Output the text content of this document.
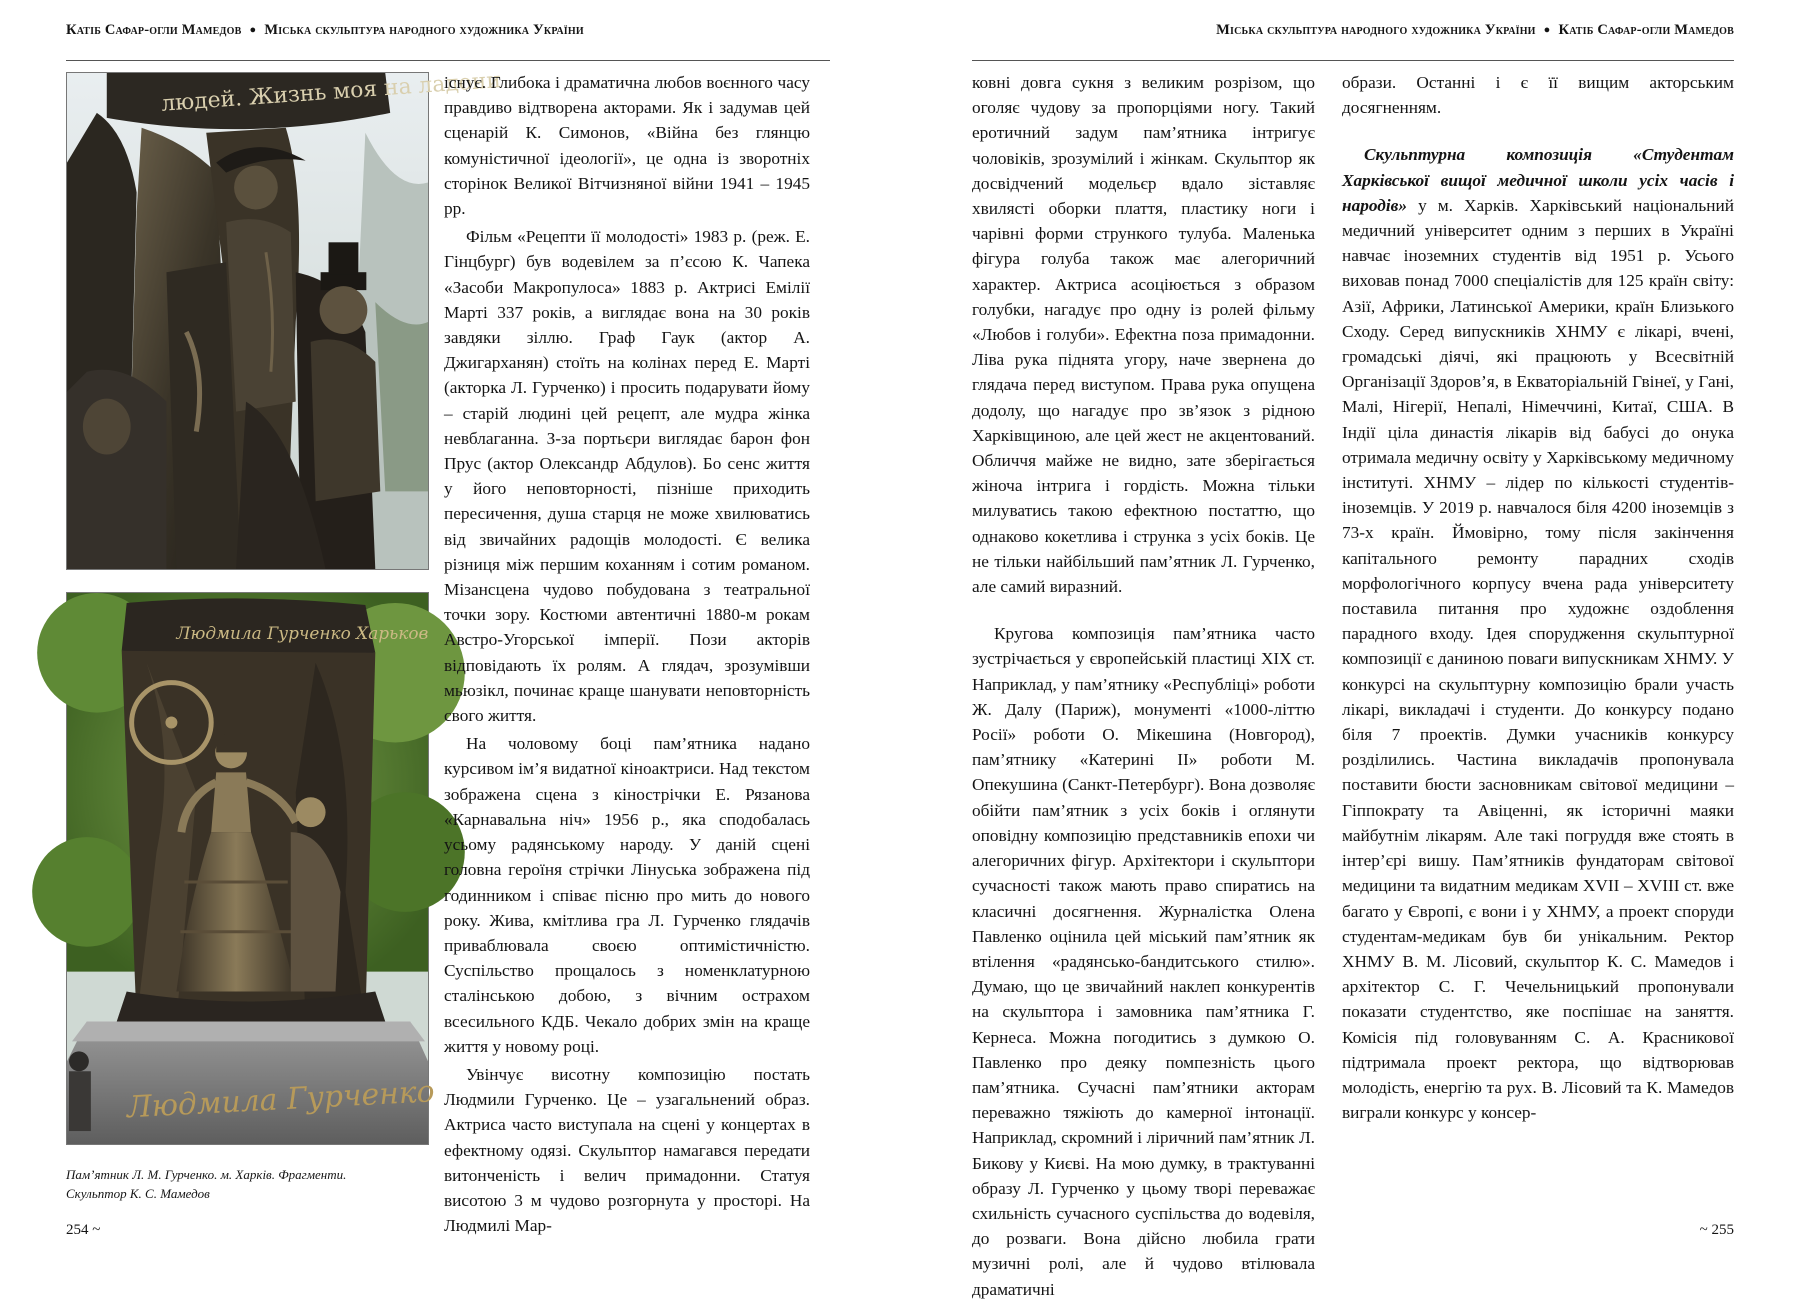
Катіб Сафар-огли Мамедов ● Міська скульптура народного художника України
людей. Жизнь моя на ладони
Людмила Гурченко Харьков
Людмила Гурченко
Пам’ятник Л. М. Гурченко. м. Харків. Фрагменти.
Скульптор К. С. Мамедов

існує. Глибока і драматична любов воєнного часу правдиво відтворена акторами. Як і задумав цей сценарій К. Симонов, «Війна без глянцю комуністичної ідеології», це одна із зворотніх сторінок Великої Вітчизняної війни 1941 – 1945 рр.

Фільм «Рецепти її молодості» 1983 р. (реж. Е. Гінцбург) був водевілем за п’єсою К. Чапека «Засоби Макропулоса» 1883 р. Актрисі Емілії Марті 337 років, а виглядає вона на 30 років завдяки зіллю. Граф Гаук (актор А. Джигарханян) стоїть на колінах перед Е. Марті (акторка Л. Гурченко) і просить подарувати йому – старій людині цей рецепт, але мудра жінка невблаганна. З-за портьєри виглядає барон фон Прус (актор Олександр Абдулов). Бо сенс життя у його неповторності, пізніше приходить пересичення, душа старця не може хвилюватись від звичайних радощів молодості. Є велика різниця між першим коханням і сотим романом. Мізансцена чудово побудована з театральної точки зору. Костюми автентичні 1880-м рокам Австро-Угорської імперії. Пози акторів відповідають їх ролям. А глядач, зрозумівши мьюзікл, починає краще шанувати неповторність свого життя.

На чоловому боці пам’ятника надано курсивом ім’я видатної кіноактриси. Над текстом зображена сцена з кінострічки Е. Рязанова «Карнавальна ніч» 1956 р., яка сподобалась усьому радянському народу. У даній сцені головна героїня стрічки Лінуська зображена під годинником і співає пісню про мить до нового року. Жива, кмітлива гра Л. Гурченко глядачів приваблювала своєю оптимістичністю. Суспільство прощалось з номенклатурною сталінською добою, з вічним острахом всесильного КДБ. Чекало добрих змін на краще життя у новому році.

Увінчує висотну композицію постать Людмили Гурченко. Це – узагальнений образ. Актриса часто виступала на сцені у концертах в ефектному одязі. Скульптор намагався передати витонченість і велич примадонни. Статуя висотою 3 м чудово розгорнута у просторі. На Людмилі Мар-

254 ~
Міська скульптура народного художника України ● Катіб Сафар-огли Мамедов

ковні довга сукня з великим розрізом, що оголяє чудову за пропорціями ногу. Такий еротичний задум пам’ятника інтригує чоловіків, зрозумілий і жінкам. Скульптор як досвідчений модельєр вдало зіставляє хвилясті оборки плаття, пластику ноги і чарівні форми стрункого тулуба. Маленька фігура голуба також має алегоричний характер. Актриса асоціюється з образом голубки, нагадує про одну із ролей фільму «Любов і голуби». Ефектна поза примадонни. Ліва рука піднята угору, наче звернена до глядача перед виступом. Права рука опущена додолу, що нагадує про зв’язок з рідною Харківщиною, але цей жест не акцентований. Обличчя майже не видно, зате зберігається жіноча інтрига і гордість. Можна тільки милуватись такою ефектною постаттю, що однаково кокетлива і струнка з усіх боків. Це не тільки найбільший пам’ятник Л. Гурченко, але самий виразний.

Кругова композиція пам’ятника часто зустрічається у європейській пластиці ХІХ ст. Наприклад, у пам’ятнику «Республіці» роботи Ж. Далу (Париж), монументі «1000-літтю Росії» роботи О. Мікешина (Новгород), пам’ятнику «Катерині ІІ» роботи М. Опекушина (Санкт-Петербург). Вона дозволяє обійти пам’ятник з усіх боків і оглянути оповідну композицію представників епохи чи алегоричних фігур. Архітектори і скульптори сучасності також мають право спиратись на класичні досягнення. Журналістка Олена Павленко оцінила цей міський пам’ятник як втілення «радянсько-бандитського стилю». Думаю, що це звичайний наклеп конкурентів на скульптора і замовника пам’ятника Г. Кернеса. Можна погодитись з думкою О. Павленко про деяку помпезність цього пам’ятника. Сучасні пам’ятники акторам переважно тяжіють до камерної інтонації. Наприклад, скромний і ліричний пам’ятник Л. Бикову у Києві. На мою думку, в трактуванні образу Л. Гурченко у цьому творі переважає схильність сучасного суспільства до водевіля, до розваги. Вона дійсно любила грати музичні ролі, але й чудово втілювала драматичні

образи. Останні і є її вищим акторським досягненням.

Скульптурна композиція «Студентам Харківської вищої медичної школи усіх часів і народів» у м. Харків. Харківський національний медичний університет одним з перших в Україні навчає іноземних студентів від 1951 р. Усього виховав понад 7000 спеціалістів для 125 країн світу: Азії, Африки, Латинської Америки, країн Близького Сходу. Серед випускників ХНМУ є лікарі, вчені, громадські діячі, які працюють у Всесвітній Організації Здоров’я, в Екваторіальній Гвінеї, у Гані, Малі, Нігерії, Непалі, Німеччині, Китаї, США. В Індії ціла династія лікарів від бабусі до онука отримала медичну освіту у Харківському медичному інституті. ХНМУ – лідер по кількості студентів-іноземців. У 2019 р. навчалося біля 4200 іноземців з 73-х країн. Ймовірно, тому після закінчення капітального ремонту парадних сходів морфологічного корпусу вчена рада університету поставила питання про художнє оздоблення парадного входу. Ідея спорудження скульптурної композиції є даниною поваги випускникам ХНМУ. У конкурсі на скульптурну композицію брали участь лікарі, викладачі і студенти. До конкурсу подано біля 7 проектів. Думки учасників конкурсу розділились. Частина викладачів пропонувала поставити бюсти засновникам світової медицини – Гіппократу та Авіценні, як історичні маяки майбутнім лікарям. Але такі погруддя вже стоять в інтер’єрі вишу. Пам’ятників фундаторам світової медицини та видатним медикам XVII – XVIII ст. вже багато у Європі, є вони і у ХНМУ, а проект споруди студентам-медикам був би унікальним. Ректор ХНМУ В. М. Лісовий, скульптор К. С. Мамедов і архітектор С. Г. Чечельницький пропонували показати студентство, яке поспішає на заняття. Комісія під головуванням С. А. Красникової підтримала проект ректора, що відтворював молодість, енергію та рух. В. Лісовий та К. Мамедов виграли конкурс у консер-

~ 255
